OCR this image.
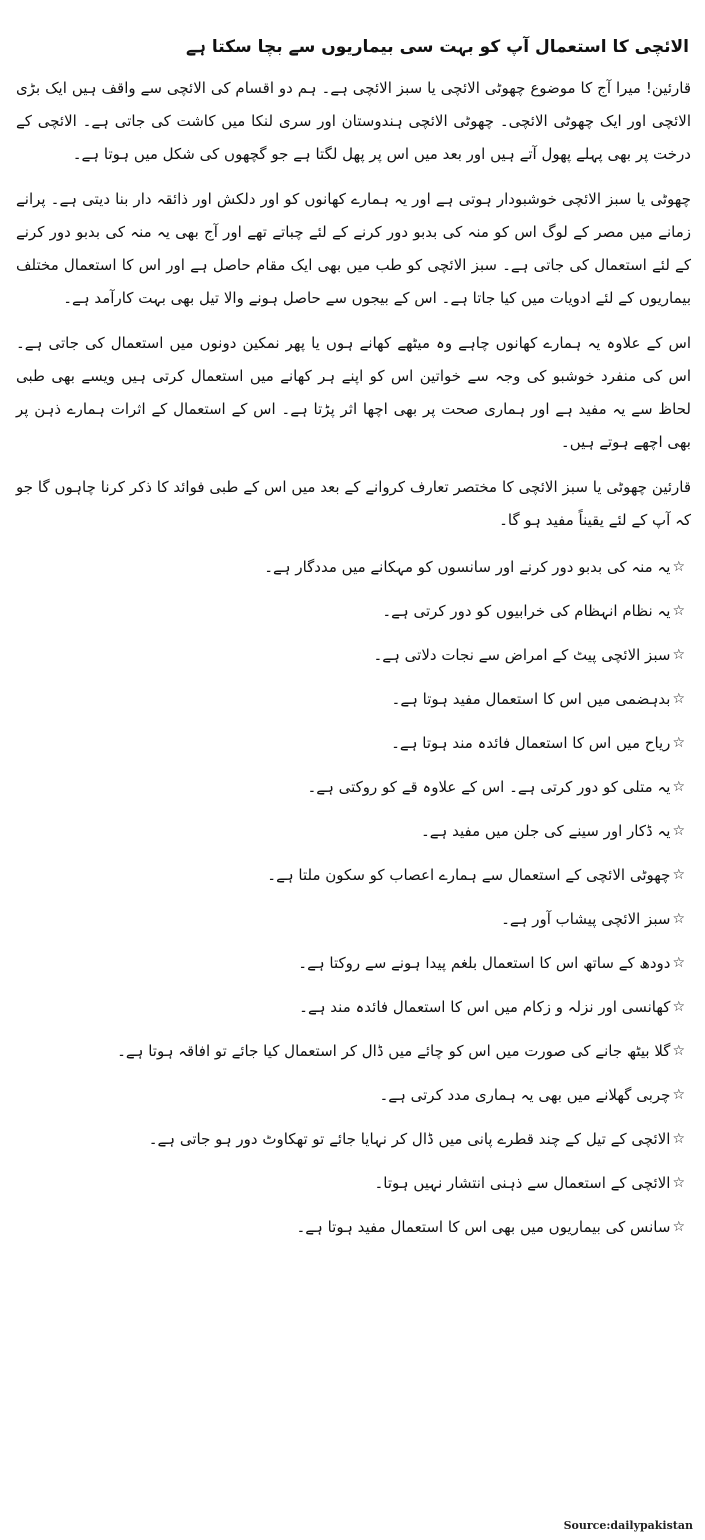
الائچی کا استعمال آپ کو بہت سی بیماریوں سے بچا سکتا ہے

قارئین! میرا آج کا موضوع چھوٹی الائچی یا سبز الائچی ہے۔ ہم دو اقسام کی الائچی سے واقف ہیں ایک بڑی الائچی اور ایک چھوٹی الائچی۔ چھوٹی الائچی ہندوستان اور سری لنکا میں کاشت کی جاتی ہے۔ الائچی کے درخت پر بھی پہلے پھول آتے ہیں اور بعد میں اس پر پھل لگتا ہے جو گچھوں کی شکل میں ہوتا ہے۔

چھوٹی یا سبز الائچی خوشبودار ہوتی ہے اور یہ ہمارے کھانوں کو اور دلکش اور ذائقہ دار بنا دیتی ہے۔ پرانے زمانے میں مصر کے لوگ اس کو منہ کی بدبو دور کرنے کے لئے چباتے تھے اور آج بھی یہ منہ کی بدبو دور کرنے کے لئے استعمال کی جاتی ہے۔ سبز الائچی کو طب میں بھی ایک مقام حاصل ہے اور اس کا استعمال مختلف بیماریوں کے لئے ادویات میں کیا جاتا ہے۔ اس کے بیجوں سے حاصل ہونے والا تیل بھی بہت کارآمد ہے۔

اس کے علاوہ یہ ہمارے کھانوں چاہے وہ میٹھے کھانے ہوں یا پھر نمکین دونوں میں استعمال کی جاتی ہے۔ اس کی منفرد خوشبو کی وجہ سے خواتین اس کو اپنے ہر کھانے میں استعمال کرتی ہیں ویسے بھی طبی لحاظ سے یہ مفید ہے اور ہماری صحت پر بھی اچھا اثر پڑتا ہے۔ اس کے استعمال کے اثرات ہمارے ذہن پر بھی اچھے ہوتے ہیں۔

قارئین چھوٹی یا سبز الائچی کا مختصر تعارف کروانے کے بعد میں اس کے طبی فوائد کا ذکر کرنا چاہوں گا جو کہ آپ کے لئے یقیناً مفید ہو گا۔

☆
یہ منہ کی بدبو دور کرنے اور سانسوں کو مہکانے میں مددگار ہے۔
☆
یہ نظام انہظام کی خرابیوں کو دور کرتی ہے۔
☆
سبز الائچی پیٹ کے امراض سے نجات دلاتی ہے۔
☆
بدہضمی میں اس کا استعمال مفید ہوتا ہے۔
☆
ریاح میں اس کا استعمال فائدہ مند ہوتا ہے۔
☆
یہ متلی کو دور کرتی ہے۔ اس کے علاوہ قے کو روکتی ہے۔
☆
یہ ڈکار اور سینے کی جلن میں مفید ہے۔
☆
چھوٹی الائچی کے استعمال سے ہمارے اعصاب کو سکون ملتا ہے۔
☆
سبز الائچی پیشاب آور ہے۔
☆
دودھ کے ساتھ اس کا استعمال بلغم پیدا ہونے سے روکتا ہے۔
☆
کھانسی اور نزلہ و زکام میں اس کا استعمال فائدہ مند ہے۔
☆
گلا بیٹھ جانے کی صورت میں اس کو چائے میں ڈال کر استعمال کیا جائے تو افاقہ ہوتا ہے۔
☆
چربی گھلانے میں بھی یہ ہماری مدد کرتی ہے۔
☆
الائچی کے تیل کے چند قطرے پانی میں ڈال کر نہایا جائے تو تھکاوٹ دور ہو جاتی ہے۔
☆
الائچی کے استعمال سے ذہنی انتشار نہیں ہوتا۔
☆
سانس کی بیماریوں میں بھی اس کا استعمال مفید ہوتا ہے۔
Source:dailypakistan
